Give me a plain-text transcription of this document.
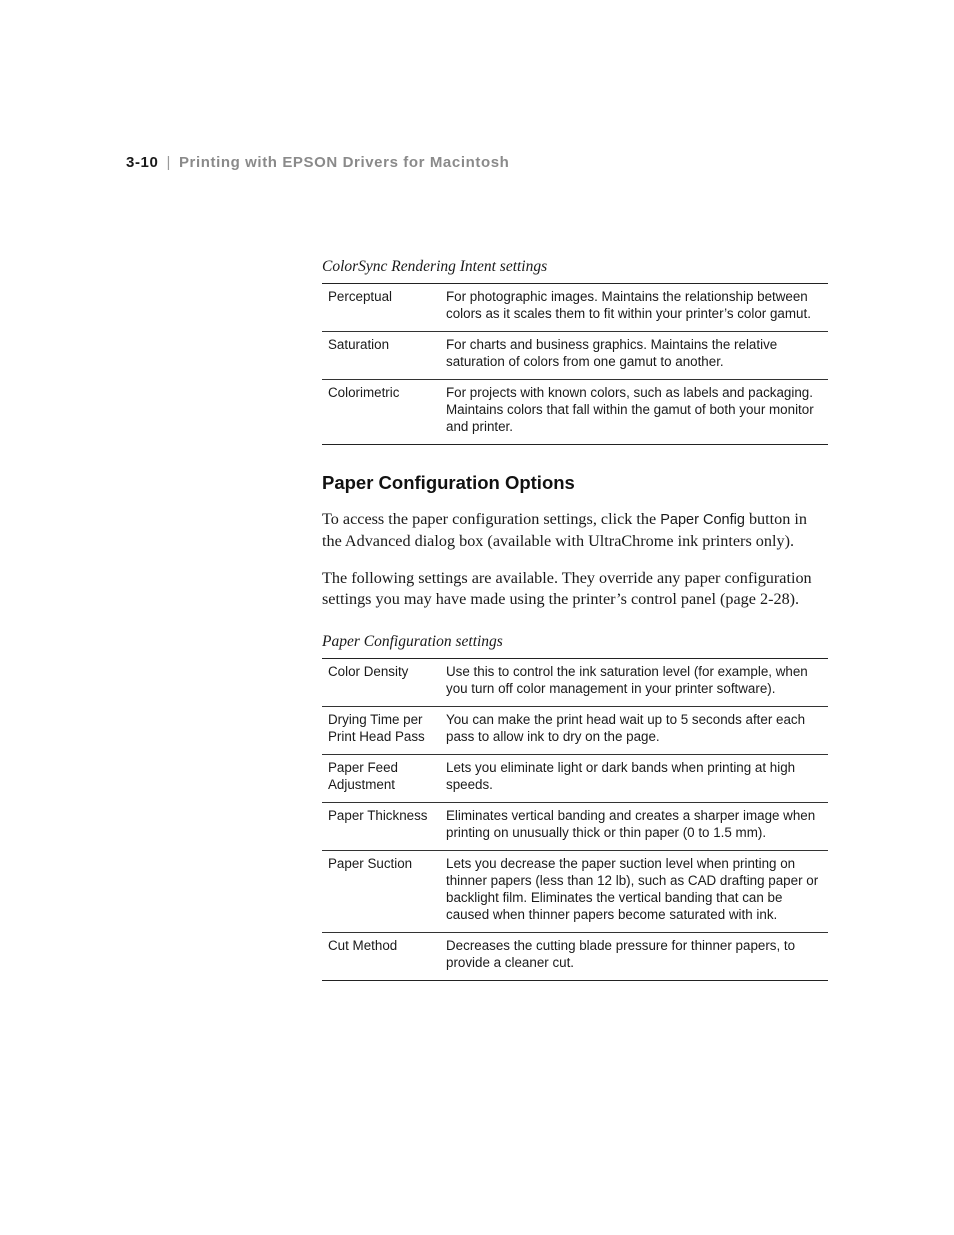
3-10 | Printing with EPSON Drivers for Macintosh
ColorSync Rendering Intent settings
Perceptual	For photographic images. Maintains the relationship between colors as it scales them to fit within your printer’s color gamut.
Saturation	For charts and business graphics. Maintains the relative saturation of colors from one gamut to another.
Colorimetric	For projects with known colors, such as labels and packaging. Maintains colors that fall within the gamut of both your monitor and printer.
Paper Configuration Options

To access the paper configuration settings, click the Paper Config button in the Advanced dialog box (available with UltraChrome ink printers only).

The following settings are available. They override any paper configuration settings you may have made using the printer’s control panel (page 2-28).

Paper Configuration settings
Color Density	Use this to control the ink saturation level (for example, when you turn off color management in your printer software).
Drying Time per Print Head Pass	You can make the print head wait up to 5 seconds after each pass to allow ink to dry on the page.
Paper Feed Adjustment	Lets you eliminate light or dark bands when printing at high speeds.
Paper Thickness	Eliminates vertical banding and creates a sharper image when printing on unusually thick or thin paper (0 to 1.5 mm).
Paper Suction	Lets you decrease the paper suction level when printing on thinner papers (less than 12 lb), such as CAD drafting paper or backlight film. Eliminates the vertical banding that can be caused when thinner papers become saturated with ink.
Cut Method	Decreases the cutting blade pressure for thinner papers, to provide a cleaner cut.
